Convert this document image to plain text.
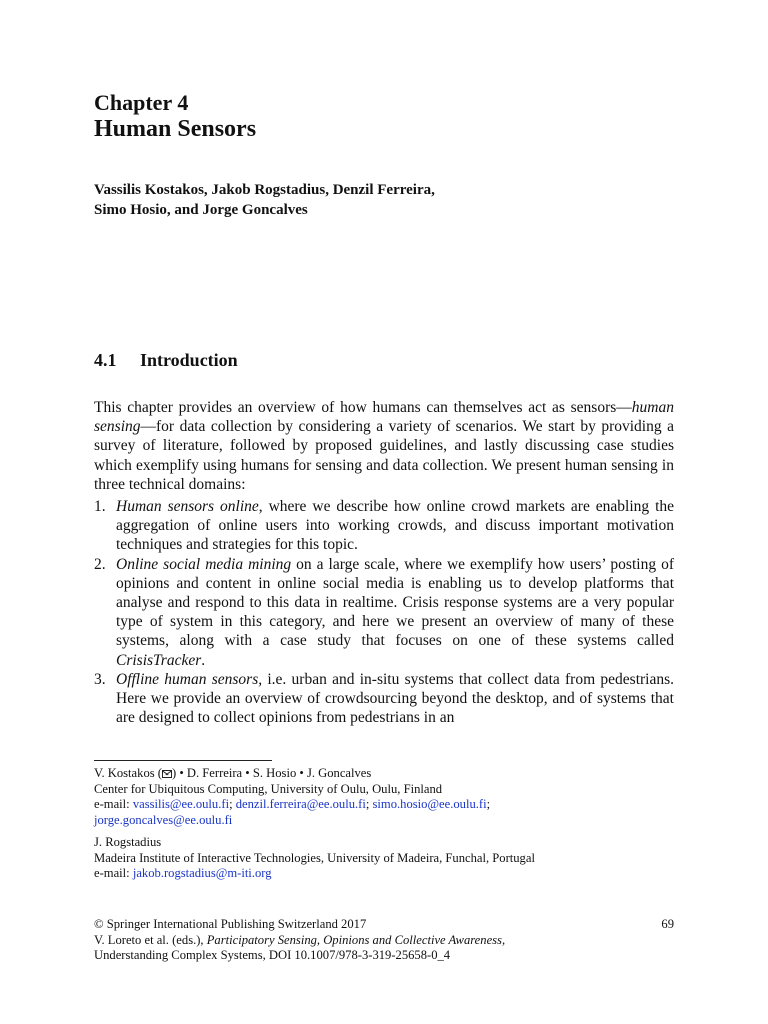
Chapter 4
Human Sensors
Vassilis Kostakos, Jakob Rogstadius, Denzil Ferreira,
Simo Hosio, and Jorge Goncalves
4.1 Introduction

This chapter provides an overview of how humans can themselves act as sensors—human sensing—for data collection by considering a variety of scenarios. We start by providing a survey of literature, followed by proposed guidelines, and lastly discussing case studies which exemplify using humans for sensing and data collection. We present human sensing in three technical domains:

1. Human sensors online, where we describe how online crowd markets are enabling the aggregation of online users into working crowds, and discuss important motivation techniques and strategies for this topic.
2. Online social media mining on a large scale, where we exemplify how users’ posting of opinions and content in online social media is enabling us to develop platforms that analyse and respond to this data in realtime. Crisis response systems are a very popular type of system in this category, and here we present an overview of many of these systems, along with a case study that focuses on one of these systems called CrisisTracker.
3. Offline human sensors, i.e. urban and in-situ systems that collect data from pedestrians. Here we provide an overview of crowdsourcing beyond the desktop, and of systems that are designed to collect opinions from pedestrians in an
V. Kostakos ( ) • D. Ferreira • S. Hosio • J. Goncalves
Center for Ubiquitous Computing, University of Oulu, Oulu, Finland
e-mail: vassilis@ee.oulu.fi; denzil.ferreira@ee.oulu.fi; simo.hosio@ee.oulu.fi;
jorge.goncalves@ee.oulu.fi
J. Rogstadius
Madeira Institute of Interactive Technologies, University of Madeira, Funchal, Portugal
e-mail: jakob.rogstadius@m-iti.org
© Springer International Publishing Switzerland 2017	69
V. Loreto et al. (eds.), Participatory Sensing, Opinions and Collective Awareness,
Understanding Complex Systems, DOI 10.1007/978-3-319-25658-0_4
